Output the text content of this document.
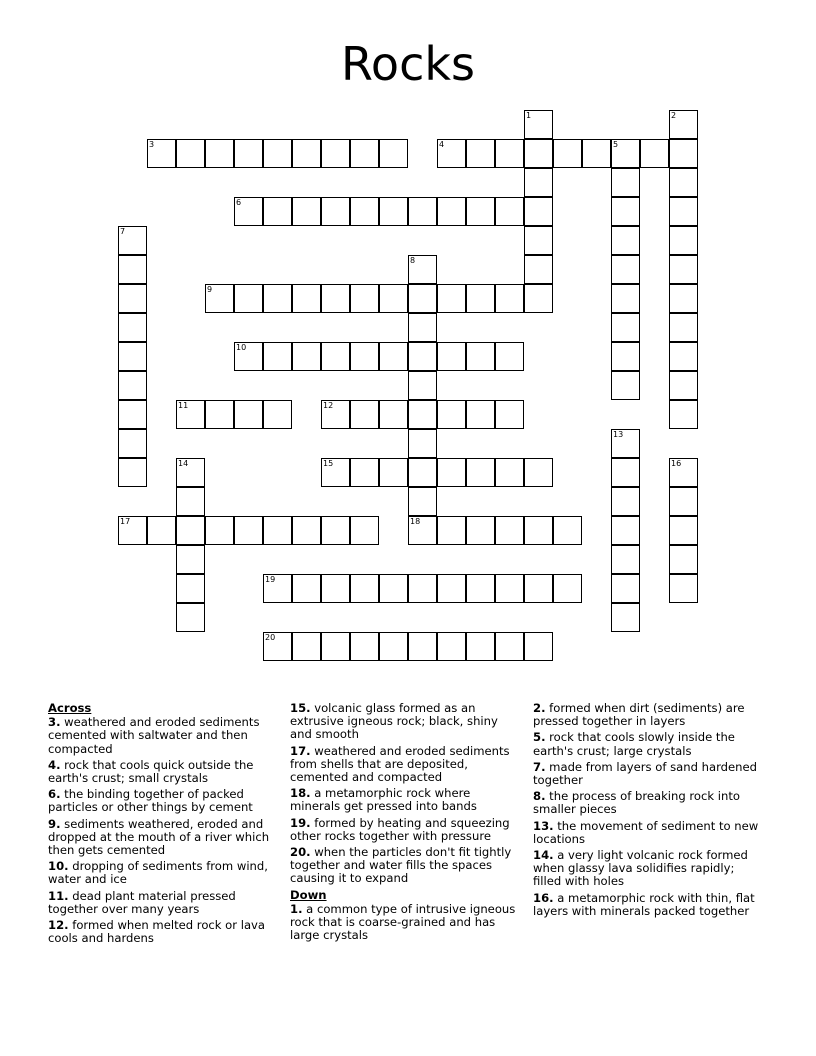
Rocks
3	4	5
6
9
10
11	12
15
17	18
19
20
1	2
7
8
13
14	16
Across
3. weathered and eroded sediments cemented with saltwater and then compacted
4. rock that cools quick outside the earth's crust; small crystals
6. the binding together of packed particles or other things by cement
9. sediments weathered, eroded and dropped at the mouth of a river which then gets cemented
10. dropping of sediments from wind, water and ice
11. dead plant material pressed together over many years
12. formed when melted rock or lava cools and hardens
15. volcanic glass formed as an extrusive igneous rock; black, shiny and smooth
17. weathered and eroded sediments from shells that are deposited, cemented and compacted
18. a metamorphic rock where minerals get pressed into bands
19. formed by heating and squeezing other rocks together with pressure
20. when the particles don't fit tightly together and water fills the spaces causing it to expand
Down
1. a common type of intrusive igneous rock that is coarse-grained and has large crystals
2. formed when dirt (sediments) are pressed together in layers
5. rock that cools slowly inside the earth's crust; large crystals
7. made from layers of sand hardened together
8. the process of breaking rock into smaller pieces
13. the movement of sediment to new locations
14. a very light volcanic rock formed when glassy lava solidifies rapidly; filled with holes
16. a metamorphic rock with thin, flat layers with minerals packed together
